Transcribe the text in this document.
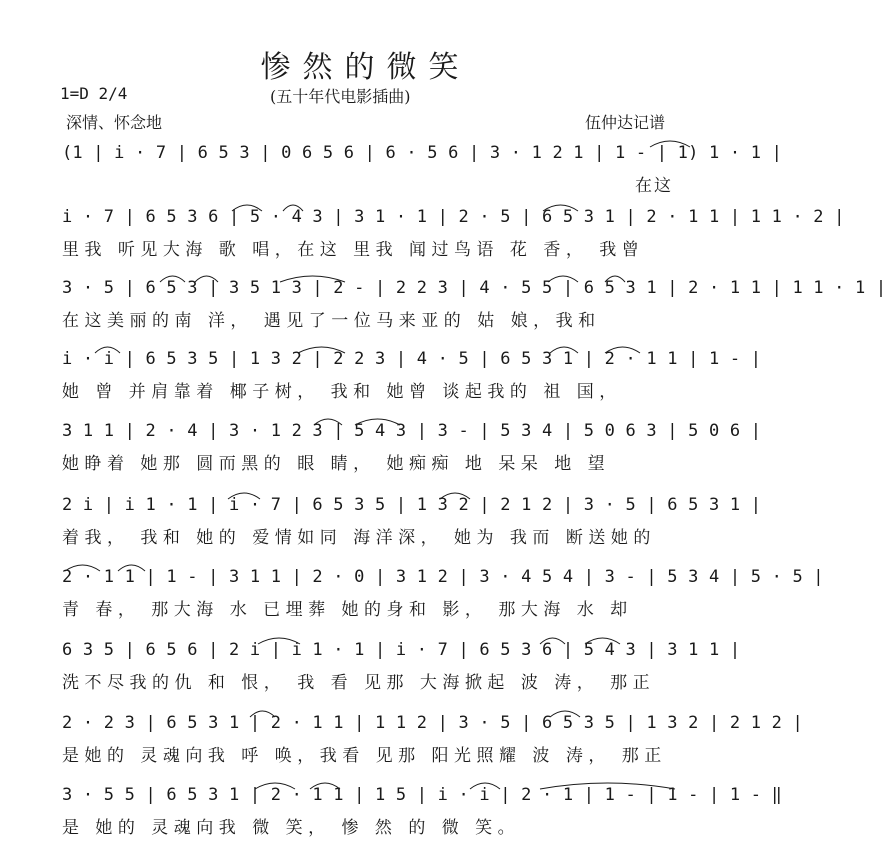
惨然的微笑
1=D 2/4	(五十年代电影插曲)
深情、怀念地	伍仲达记谱
(1 | i · 7 | 6 5 3 | 0 6 5 6 | 6 · 5 6 | 3 · 1 2 1 | 1 - | 1) 1 · 1 |
在这
i · 7 | 6 5 3 6 | 5 · 4 3 | 3 1 · 1 | 2 · 5 | 6 5 3 1 | 2 · 1 1 | 1 1 · 2 |
里我 听见大海 歌 唱，在这 里我 闻过鸟语 花 香， 我曾
3 · 5 | 6 5 3 | 3 5 1 3 | 2 - | 2 2 3 | 4 · 5 5 | 6 5 3 1 | 2 · 1 1 | 1 1 · 1 |
在这美丽的南 洋， 遇见了一位马来亚的 姑 娘，我和
i · i | 6 5 3 5 | 1 3 2 | 2 2 3 | 4 · 5 | 6 5 3 1 | 2 · 1 1 | 1 - |
她 曾 并肩靠着 椰子树， 我和 她曾 谈起我的 祖 国，
3 1 1 | 2 · 4 | 3 · 1 2 3 | 5 4 3 | 3 - | 5 3 4 | 5 0 6 3 | 5 0 6 |
她睁着 她那 圆而黑的 眼 睛， 她痴痴 地 呆呆 地 望
2 i | i 1 · 1 | i · 7 | 6 5 3 5 | 1 3 2 | 2 1 2 | 3 · 5 | 6 5 3 1 |
着我， 我和 她的 爱情如同 海洋深， 她为 我而 断送她的
2 · 1 1 | 1 - | 3 1 1 | 2 · 0 | 3 1 2 | 3 · 4 5 4 | 3 - | 5 3 4 | 5 · 5 |
青 春， 那大海 水 已埋葬 她的身和 影， 那大海 水 却
6 3 5 | 6 5 6 | 2 i | i 1 · 1 | i · 7 | 6 5 3 6 | 5 4 3 | 3 1 1 |
洗不尽我的仇 和 恨， 我 看 见那 大海掀起 波 涛， 那正
2 · 2 3 | 6 5 3 1 | 2 · 1 1 | 1 1 2 | 3 · 5 | 6 5 3 5 | 1 3 2 | 2 1 2 |
是她的 灵魂向我 呼 唤，我看 见那 阳光照耀 波 涛， 那正
3 · 5 5 | 6 5 3 1 | 2 · 1 1 | 1 5 | i · i | 2 · 1 | 1 - | 1 - | 1 - ‖
是 她的 灵魂向我 微 笑， 惨 然 的 微 笑。
